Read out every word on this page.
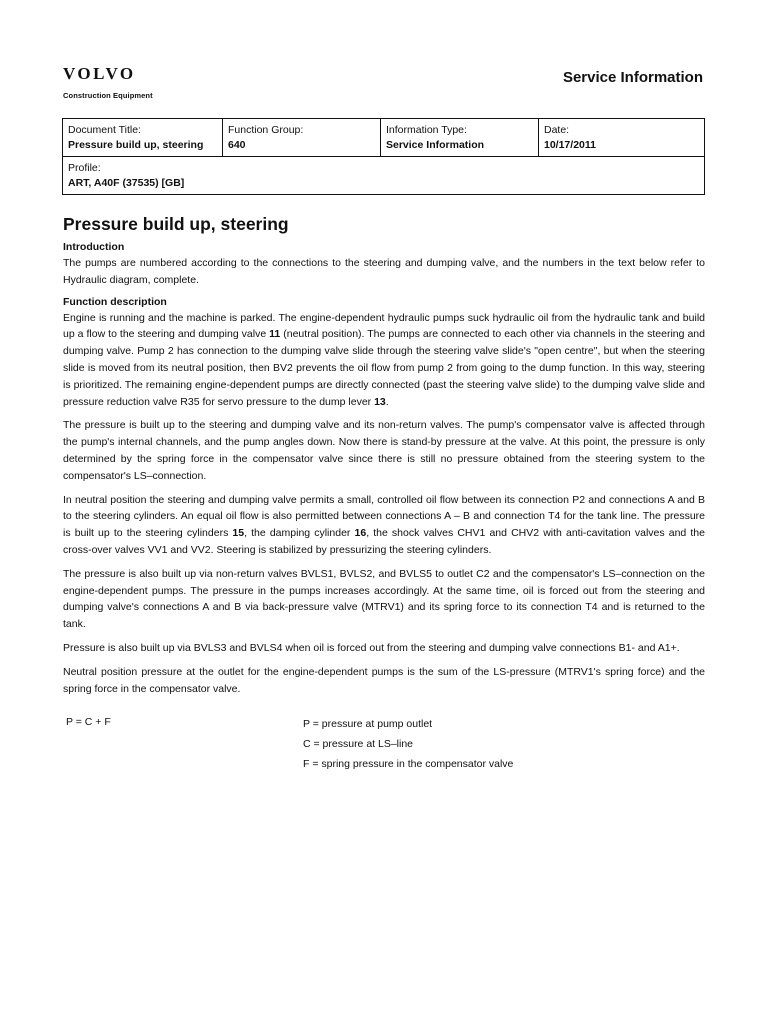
VOLVO
Construction Equipment
Service Information
Document Title:
Pressure build up, steering

Function Group:
640

Information Type:
Service Information

Date:
10/17/2011

Profile:
ART, A40F (37535) [GB]
Pressure build up, steering
Introduction

The pumps are numbered according to the connections to the steering and dumping valve, and the numbers in the text below refer to Hydraulic diagram, complete.

Function description

Engine is running and the machine is parked. The engine-dependent hydraulic pumps suck hydraulic oil from the hydraulic tank and build up a flow to the steering and dumping valve 11 (neutral position). The pumps are connected to each other via channels in the steering and dumping valve. Pump 2 has connection to the dumping valve slide through the steering valve slide's "open centre", but when the steering slide is moved from its neutral position, then BV2 prevents the oil flow from pump 2 from going to the dump function. In this way, steering is prioritized. The remaining engine-dependent pumps are directly connected (past the steering valve slide) to the dumping valve slide and pressure reduction valve R35 for servo pressure to the dump lever 13.

The pressure is built up to the steering and dumping valve and its non-return valves. The pump's compensator valve is affected through the pump's internal channels, and the pump angles down. Now there is stand-by pressure at the valve. At this point, the pressure is only determined by the spring force in the compensator valve since there is still no pressure obtained from the steering system to the compensator's LS–connection.

In neutral position the steering and dumping valve permits a small, controlled oil flow between its connection P2 and connections A and B to the steering cylinders. An equal oil flow is also permitted between connections A – B and connection T4 for the tank line. The pressure is built up to the steering cylinders 15, the damping cylinder 16, the shock valves CHV1 and CHV2 with anti-cavitation valves and the cross-over valves VV1 and VV2. Steering is stabilized by pressurizing the steering cylinders.

The pressure is also built up via non-return valves BVLS1, BVLS2, and BVLS5 to outlet C2 and the compensator's LS–connection on the engine-dependent pumps. The pressure in the pumps increases accordingly. At the same time, oil is forced out from the steering and dumping valve's connections A and B via back-pressure valve (MTRV1) and its spring force to its connection T4 and is returned to the tank.

Pressure is also built up via BVLS3 and BVLS4 when oil is forced out from the steering and dumping valve connections B1- and A1+.

Neutral position pressure at the outlet for the engine-dependent pumps is the sum of the LS-pressure (MTRV1's spring force) and the spring force in the compensator valve.

P = C + F	P = pressure at pump outlet
C = pressure at LS–line
F = spring pressure in the compensator valve
